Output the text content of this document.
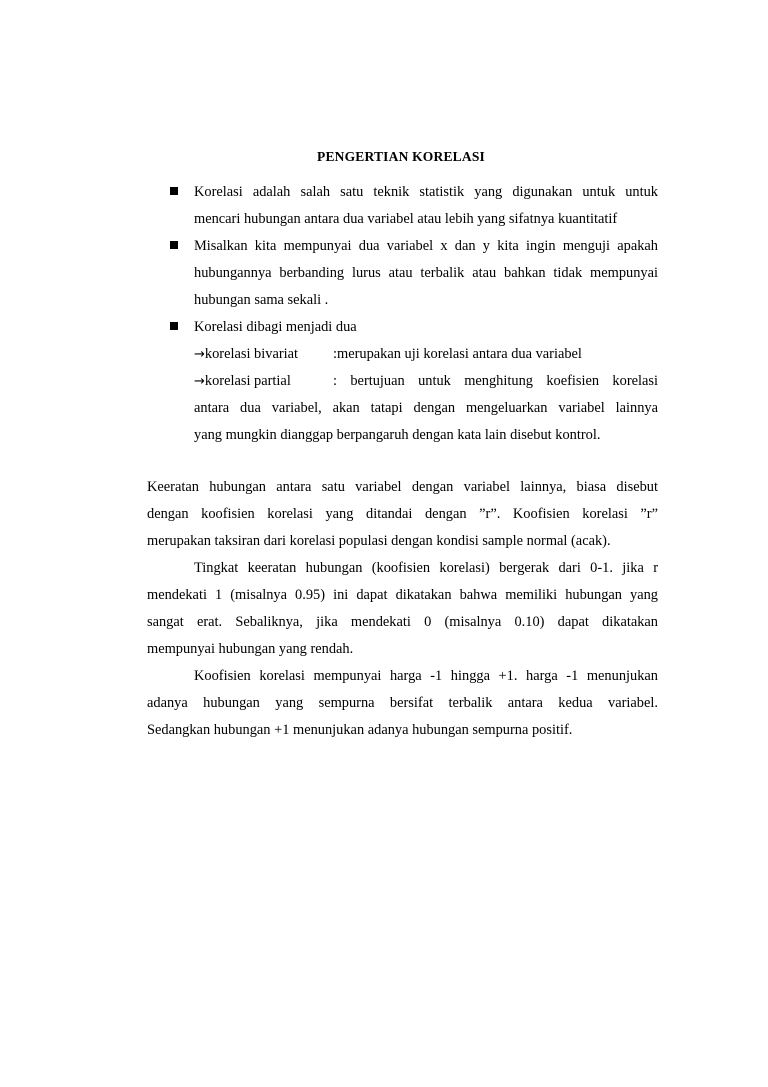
PENGERTIAN KORELASI
Korelasi adalah salah satu teknik statistik yang digunakan untuk untuk
mencari hubungan antara dua variabel atau lebih yang sifatnya kuantitatif
Misalkan kita mempunyai dua variabel x dan y kita ingin menguji apakah
hubungannya berbanding lurus atau terbalik atau bahkan tidak mempunyai
hubungan sama sekali .
Korelasi dibagi menjadi dua
→korelasi bivariat :merupakan uji korelasi antara dua variabel
→korelasi partial	: bertujuan untuk menghitung koefisien korelasi
antara dua variabel, akan tatapi dengan mengeluarkan variabel lainnya
yang mungkin dianggap berpangaruh dengan kata lain disebut kontrol.
Keeratan hubungan antara satu variabel dengan variabel lainnya, biasa disebut
dengan koofisien korelasi yang ditandai dengan ”r”. Koofisien korelasi ”r”
merupakan taksiran dari korelasi populasi dengan kondisi sample normal (acak).
Tingkat keeratan hubungan (koofisien korelasi) bergerak dari 0-1. jika r
mendekati 1 (misalnya 0.95) ini dapat dikatakan bahwa memiliki hubungan yang
sangat erat. Sebaliknya, jika mendekati 0 (misalnya 0.10) dapat dikatakan
mempunyai hubungan yang rendah.
Koofisien korelasi mempunyai harga -1 hingga +1. harga -1 menunjukan
adanya hubungan yang sempurna bersifat terbalik antara kedua variabel.
Sedangkan hubungan +1 menunjukan adanya hubungan sempurna positif.
